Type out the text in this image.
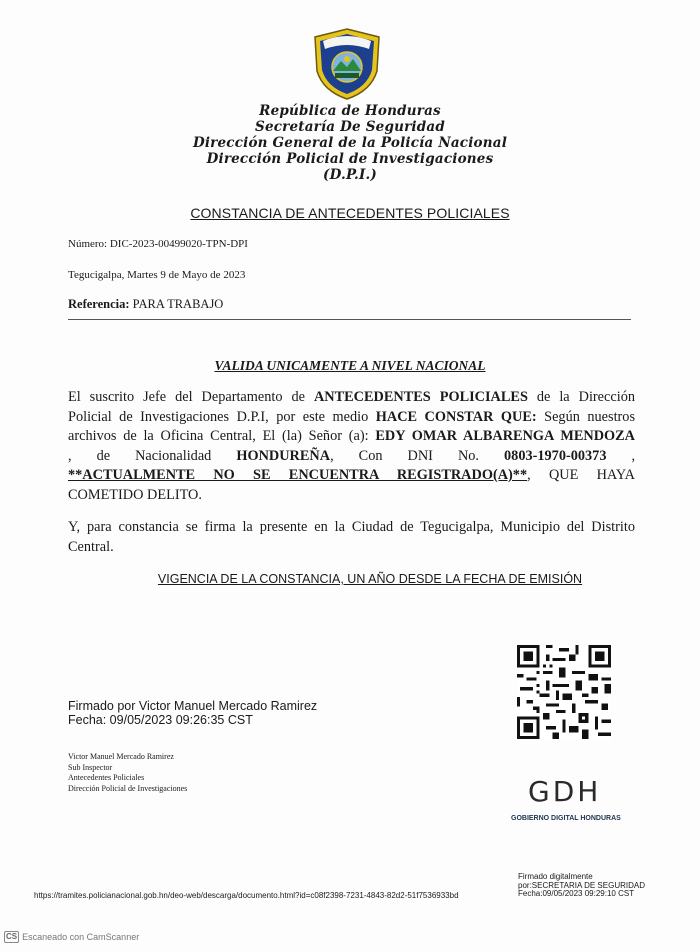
República de Honduras
Secretaría De Seguridad
Dirección General de la Policía Nacional
Dirección Policial de Investigaciones
(D.P.I.)
CONSTANCIA DE ANTECEDENTES POLICIALES
Número: DIC-2023-00499020-TPN-DPI
Tegucigalpa, Martes 9 de Mayo de 2023
Referencia: PARA TRABAJO
VALIDA UNICAMENTE A NIVEL NACIONAL
El suscrito Jefe del Departamento de ANTECEDENTES POLICIALES de la Dirección
Policial de Investigaciones D.P.I, por este medio HACE CONSTAR QUE: Según nuestros
archivos de la Oficina Central, El (la) Señor (a): EDY OMAR ALBARENGA MENDOZA
, de Nacionalidad HONDUREÑA, Con DNI No. 0803-1970-00373 ,
**ACTUALMENTE NO SE ENCUENTRA REGISTRADO(A)**, QUE HAYA
COMETIDO DELITO.
Y, para constancia se firma la presente en la Ciudad de Tegucigalpa, Municipio del Distrito
Central.
VIGENCIA DE LA CONSTANCIA, UN AÑO DESDE LA FECHA DE EMISIÓN
Firmado por Victor Manuel Mercado Ramirez
Fecha: 09/05/2023 09:26:35 CST
Victor Manuel Mercado Ramirez
Sub Inspector
Antecedentes Policiales
Dirección Policial de Investigaciones	GDH
GOBIERNO DIGITAL HONDURAS
https://tramites.policianacional.gob.hn/deo-web/descarga/documento.html?id=c08f2398-7231-4843-82d2-51f7536933bd
Firmado digitalmente
por:SECRETARIA DE SEGURIDAD
Fecha:09/05/2023 09:29:10 CST
CS Escaneado con CamScanner
